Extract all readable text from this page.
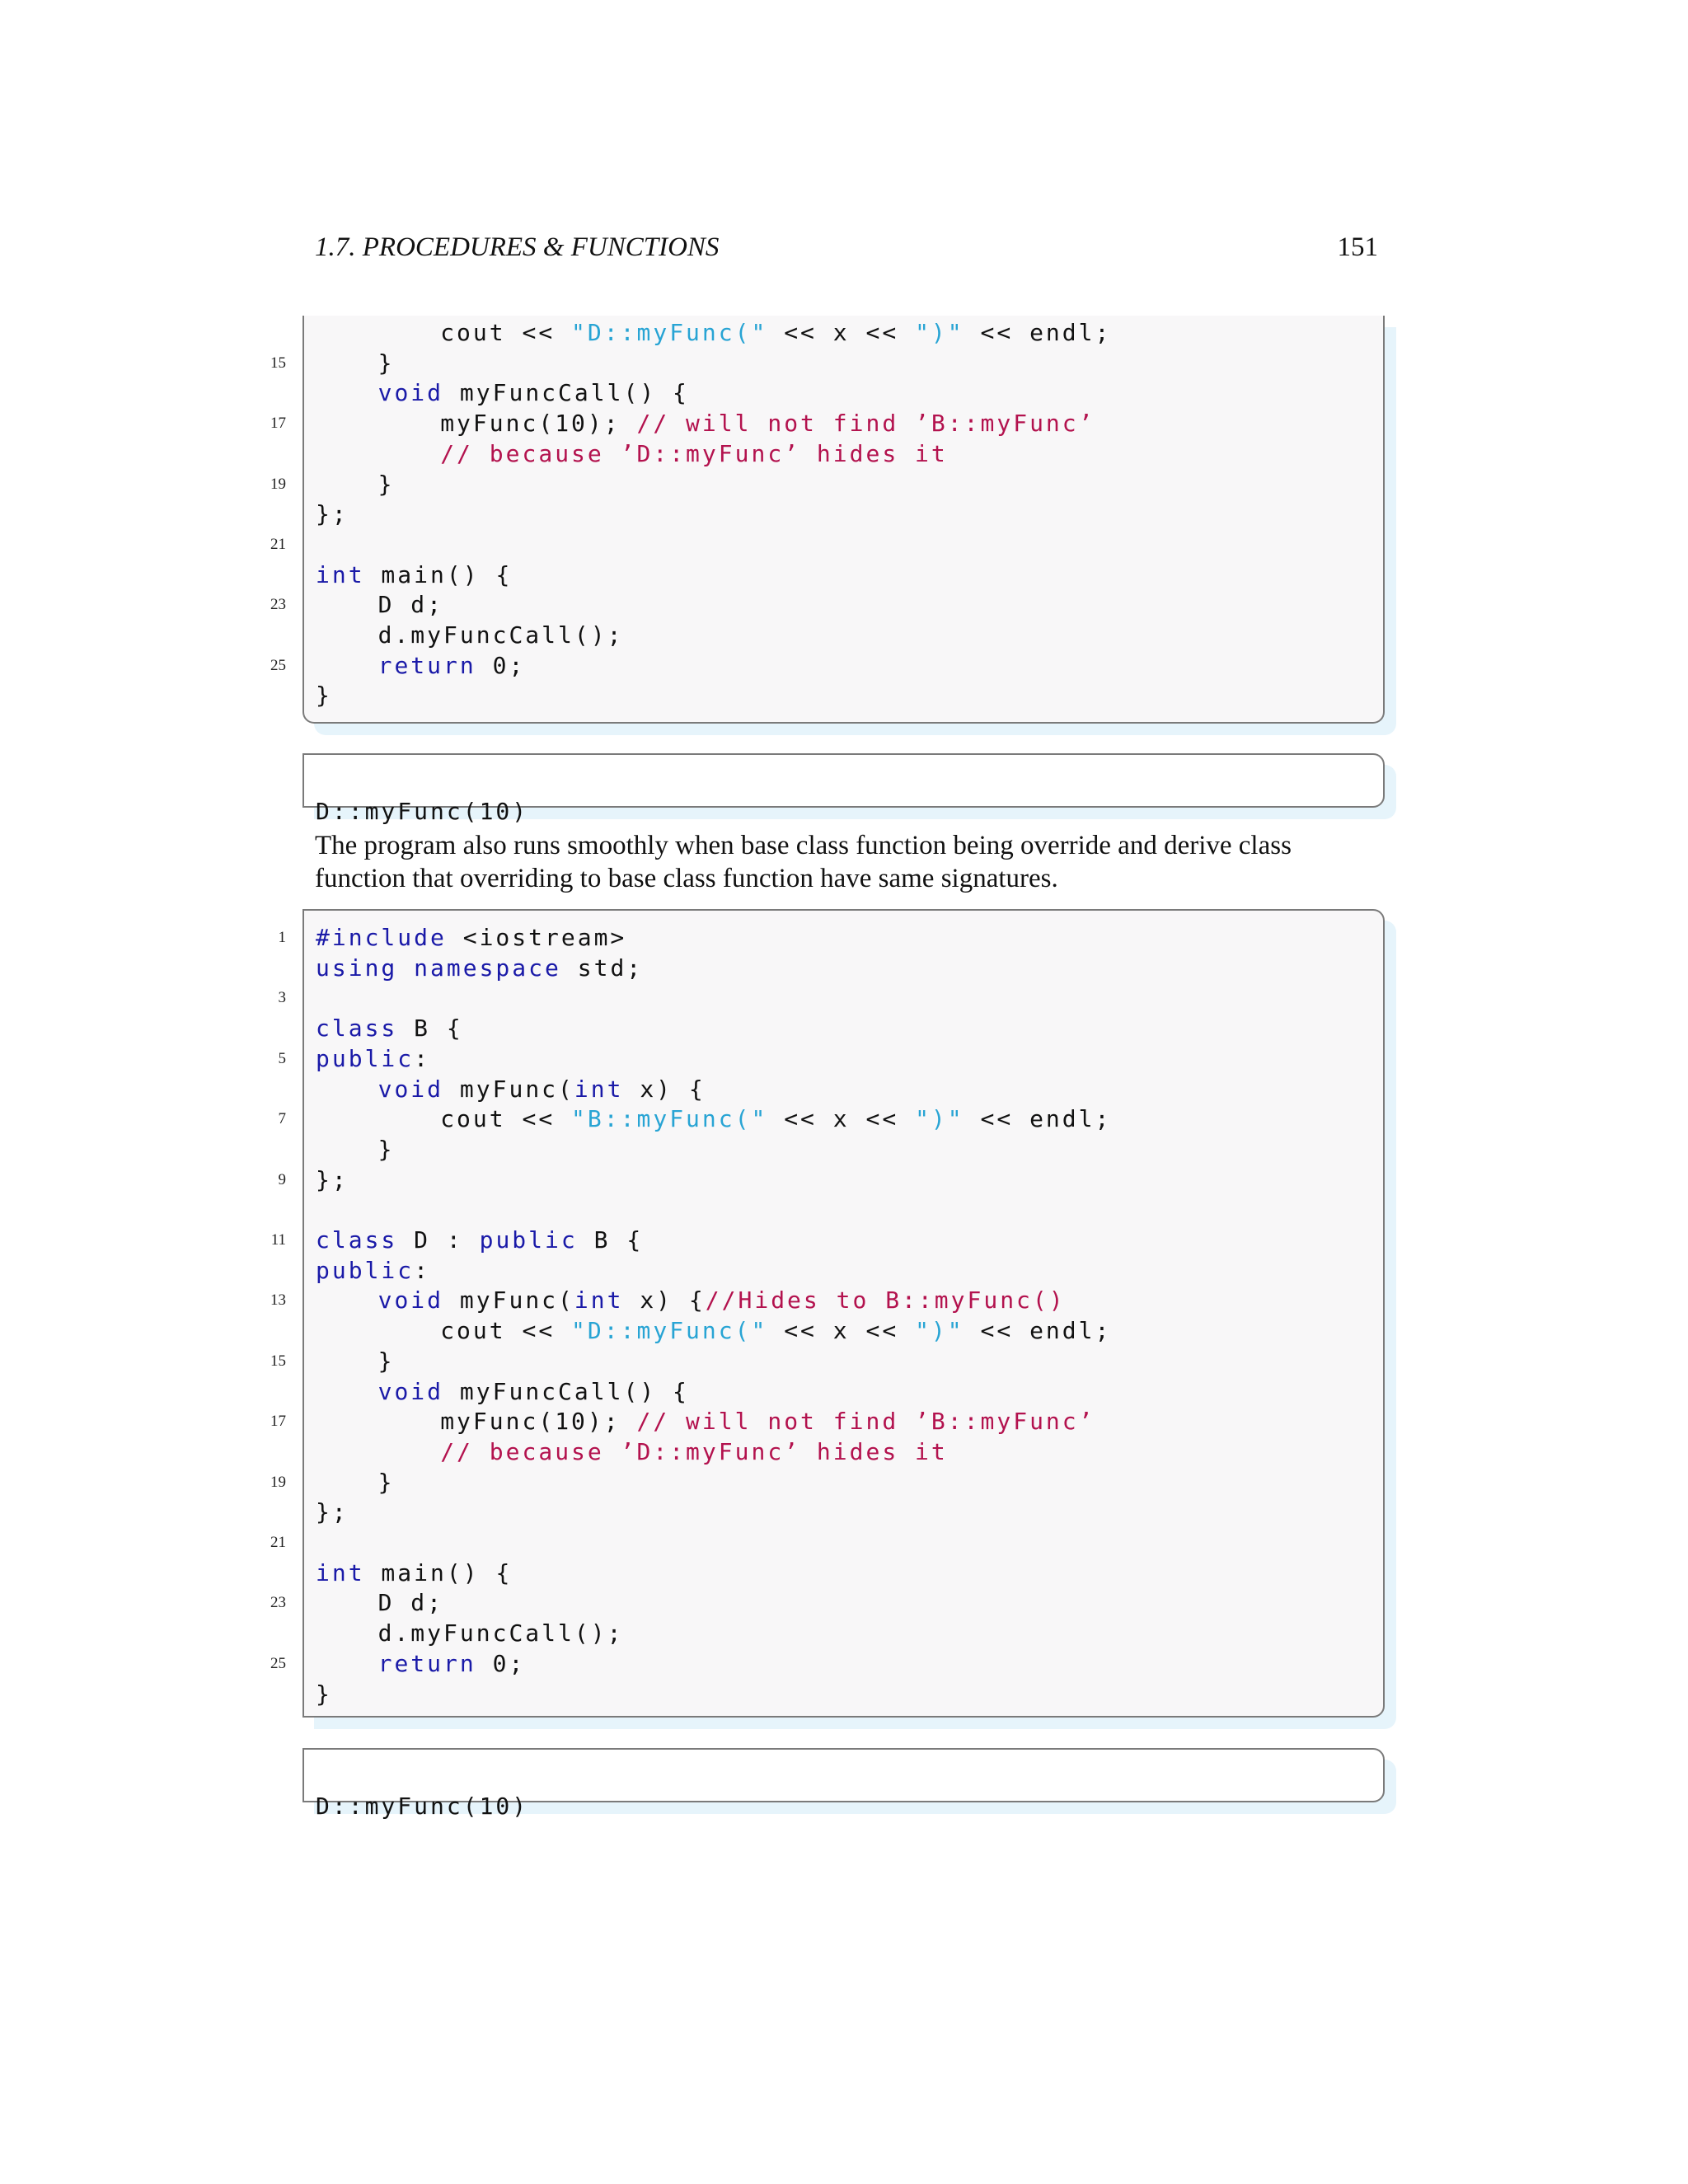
1.7. PROCEDURES & FUNCTIONS	151
cout << "D::myFunc(" << x << ")" << endl;
15	}
void myFuncCall() {
17	myFunc(10); // will not find ’B::myFunc’
// because ’D::myFunc’ hides it
19	}
};
21
int main() {
23	D d;
d.myFuncCall();
25	return 0;
}

D::myFunc(10)

The program also runs smoothly when base class function being override and derive class function that overriding to base class function have same signatures.
1 #include <iostream>
using namespace std;
3
class B {
5 public:
void myFunc(int x) {
7	cout << "B::myFunc(" << x << ")" << endl;
}
9 };
11 class D : public B {
public:
13	void myFunc(int x) {//Hides to B::myFunc()
cout << "D::myFunc(" << x << ")" << endl;
15	}
void myFuncCall() {
17	myFunc(10); // will not find ’B::myFunc’
// because ’D::myFunc’ hides it
19	}
};
21
int main() {
23	D d;
d.myFuncCall();
25	return 0;
}

D::myFunc(10)
